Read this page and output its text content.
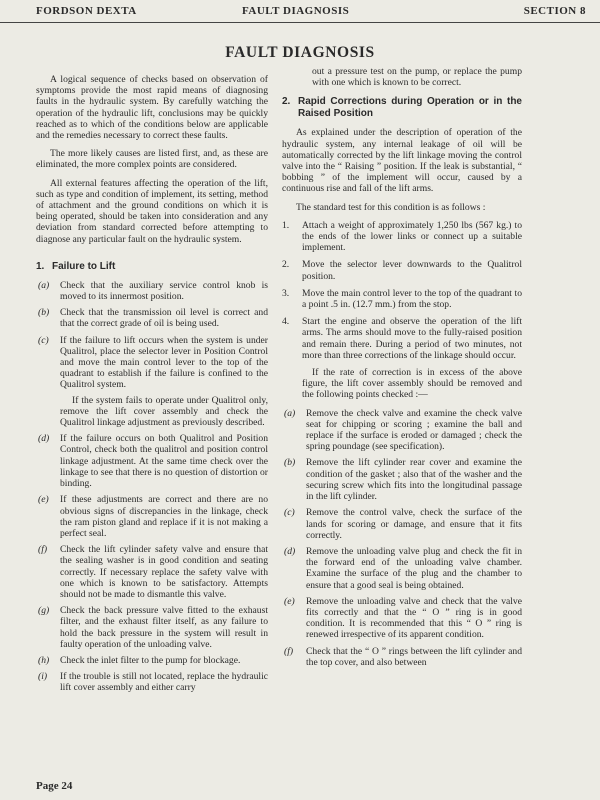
FORDSON DEXTA	FAULT DIAGNOSIS	SECTION 8
FAULT DIAGNOSIS

A logical sequence of checks based on observation of symptoms provide the most rapid means of diagnosing faults in the hydraulic system. By carefully watching the operation of the hydraulic lift, conclusions may be quickly reached as to which of the conditions below are applicable and the remedies necessary to correct these faults.

The more likely causes are listed first, and, as these are eliminated, the more complex points are considered.

All external features affecting the operation of the lift, such as type and condition of implement, its setting, method of attachment and the ground conditions on which it is being operated, should be taken into consideration and any deviation from standard corrected before attempting to diagnose any particular fault on the hydraulic system.

1. Failure to Lift
(a) Check that the auxiliary service control knob is moved to its innermost position.
(b) Check that the transmission oil level is correct and that the correct grade of oil is being used.
(c) If the failure to lift occurs when the system is under Qualitrol, place the selector lever in Position Control and move the main control lever to the top of the quadrant to establish if the failure is confined to the Qualitrol system.
If the system fails to operate under Qualitrol only, remove the lift cover assembly and check the Qualitrol linkage adjustment as previously described.
(d) If the failure occurs on both Qualitrol and Position Control, check both the qualitrol and position control linkage adjustment. At the same time check over the linkage to see that there is no question of distortion or binding.
(e) If these adjustments are correct and there are no obvious signs of discrepancies in the linkage, check the ram piston gland and replace if it is not making a perfect seal.
(f) Check the lift cylinder safety valve and ensure that the sealing washer is in good condition and seating correctly. If necessary replace the safety valve with one which is known to be satisfactory. Attempts should not be made to dismantle this valve.
(g) Check the back pressure valve fitted to the exhaust filter, and the exhaust filter itself, as any failure to hold the back pressure in the system will result in faulty operation of the unloading valve.
(h) Check the inlet filter to the pump for blockage.
(i) If the trouble is still not located, replace the hydraulic lift cover assembly and either carry
out a pressure test on the pump, or replace the pump with one which is known to be correct.
2. Rapid Corrections during Operation or in the Raised Position

As explained under the description of operation of the hydraulic system, any internal leakage of oil will be automatically corrected by the lift linkage moving the control valve into the “ Raising ” position. If the leak is substantial, “ bobbing ” of the implement will occur, caused by a continuous rise and fall of the lift arms.

The standard test for this condition is as follows :

1. Attach a weight of approximately 1,250 lbs (567 kg.) to the ends of the lower links or connect up a suitable implement.
2. Move the selector lever downwards to the Qualitrol position.
3. Move the main control lever to the top of the quadrant to a point .5 in. (12.7 mm.) from the stop.
4. Start the engine and observe the operation of the lift arms. The arms should move to the fully-raised position and remain there. During a period of two minutes, not more than three corrections of the linkage should occur.

If the rate of correction is in excess of the above figure, the lift cover assembly should be removed and the following points checked :—

(a) Remove the check valve and examine the check valve seat for chipping or scoring ; examine the ball and replace if the surface is eroded or damaged ; check the spring poundage (see specification).
(b) Remove the lift cylinder rear cover and examine the condition of the gasket ; also that of the washer and the securing screw which fits into the longitudinal passage in the lift cylinder.
(c) Remove the control valve, check the surface of the lands for scoring or damage, and ensure that it fits correctly.
(d) Remove the unloading valve plug and check the fit in the forward end of the unloading valve chamber. Examine the surface of the plug and the chamber to ensure that a good seal is being obtained.
(e) Remove the unloading valve and check that the valve fits correctly and that the “ O ” ring is in good condition. It is recommended that this “ O ” ring is renewed irrespective of its apparent condition.
(f) Check that the “ O ” rings between the lift cylinder and the top cover, and also between
Page 24
